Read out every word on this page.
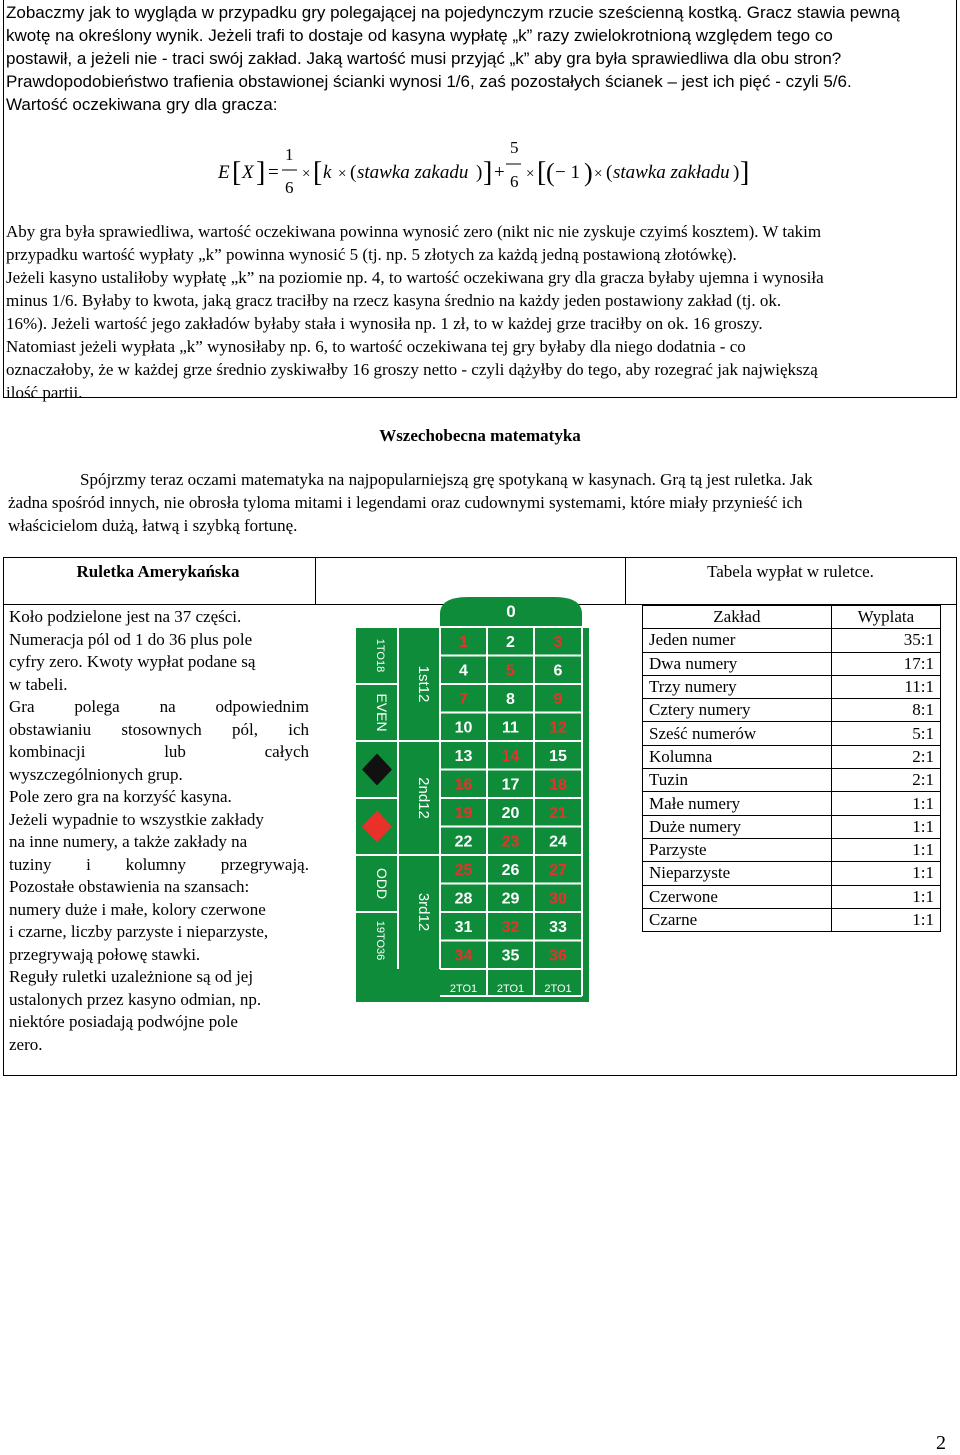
Zobaczmy jak to wygląda w przypadku gry polegającej na pojedynczym rzucie sześcienną kostką. Gracz stawia pewną

kwotę na określony wynik. Jeżeli trafi to dostaje od kasyna wypłatę „k” razy zwielokrotnioną względem tego co

postawił, a jeżeli nie - traci swój zakład. Jaką wartość musi przyjąć „k” aby gra była sprawiedliwa dla obu stron?

Prawdopodobieństwo trafienia obstawionej ścianki wynosi 1/6, zaś pozostałych ścianek – jest ich pięć - czyli 5/6.

Wartość oczekiwana gry dla gracza:

E [ X ] =
1
6
× [ k × ( stawka zakadu ) ] +
5
6 × [ ( − 1 ) × ( stawka zakładu ) ]

Aby gra była sprawiedliwa, wartość oczekiwana powinna wynosić zero (nikt nic nie zyskuje czyimś kosztem). W takim

przypadku wartość wypłaty „k” powinna wynosić 5 (tj. np. 5 złotych za każdą jedną postawioną złotówkę).

Jeżeli kasyno ustaliłoby wypłatę „k” na poziomie np. 4, to wartość oczekiwana gry dla gracza byłaby ujemna i wynosiła

minus 1/6. Byłaby to kwota, jaką gracz traciłby na rzecz kasyna średnio na każdy jeden postawiony zakład (tj. ok.

16%). Jeżeli wartość jego zakładów byłaby stała i wynosiła np. 1 zł, to w każdej grze traciłby on ok. 16 groszy.

Natomiast jeżeli wypłata „k” wynosiłaby np. 6, to wartość oczekiwana tej gry byłaby dla niego dodatnia - co

oznaczałoby, że w każdej grze średnio zyskiwałby 16 groszy netto - czyli dążyłby do tego, aby rozegrać jak największą

ilość partii.

Wszechobecna matematyka
Spójrzmy teraz oczami matematyka na najpopularniejszą grę spotykaną w kasynach. Grą tą jest ruletka. Jak
żadna spośród innych, nie obrosła tyloma mitami i legendami oraz cudownymi systemami, które miały przynieść ich
właścicielom dużą, łatwą i szybką fortunę.
Ruletka Amerykańska	Tabela wypłat w ruletce.
Koło podzielone jest na 37 części.
Numeracja pól od 1 do 36 plus pole
cyfry zero. Kwoty wypłat podane są
w tabeli.
Gra polega na odpowiednim
obstawianiu stosownych pól, ich
kombinacji	lub	całych
wyszczególnionych grup.
Pole zero gra na korzyść kasyna.
Jeżeli wypadnie to wszystkie zakłady
na inne numery, a także zakłady na
tuziny i kolumny przegrywają.
Pozostałe obstawienia na szansach:
numery duże i małe, kolory czerwone
i czarne, liczby parzyste i nieparzyste,
przegrywają połowę stawki.
Reguły ruletki uzależnione są od jej
ustalonych przez kasyno odmian, np.
niektóre posiadają podwójne pole
zero.
0
1 2 3
4 5 6
7 8 9
10 11 12
13 14 15
16 17 18
19 20 21
22 23 24
25 26 27
28 29 30
31 32 33
34 35 36
2TO1 2TO1 2TO1
1st12
2nd12
3rd12
1TO18
EVEN
ODD
19TO36
Zakład	Wyplata
Jeden numer	35:1
Dwa numery	17:1
Trzy numery	11:1
Cztery numery	8:1
Sześć numerów	5:1
Kolumna	2:1
Tuzin	2:1
Małe numery	1:1
Duże numery	1:1
Parzyste	1:1
Nieparzyste	1:1
Czerwone	1:1
Czarne	1:1
2
